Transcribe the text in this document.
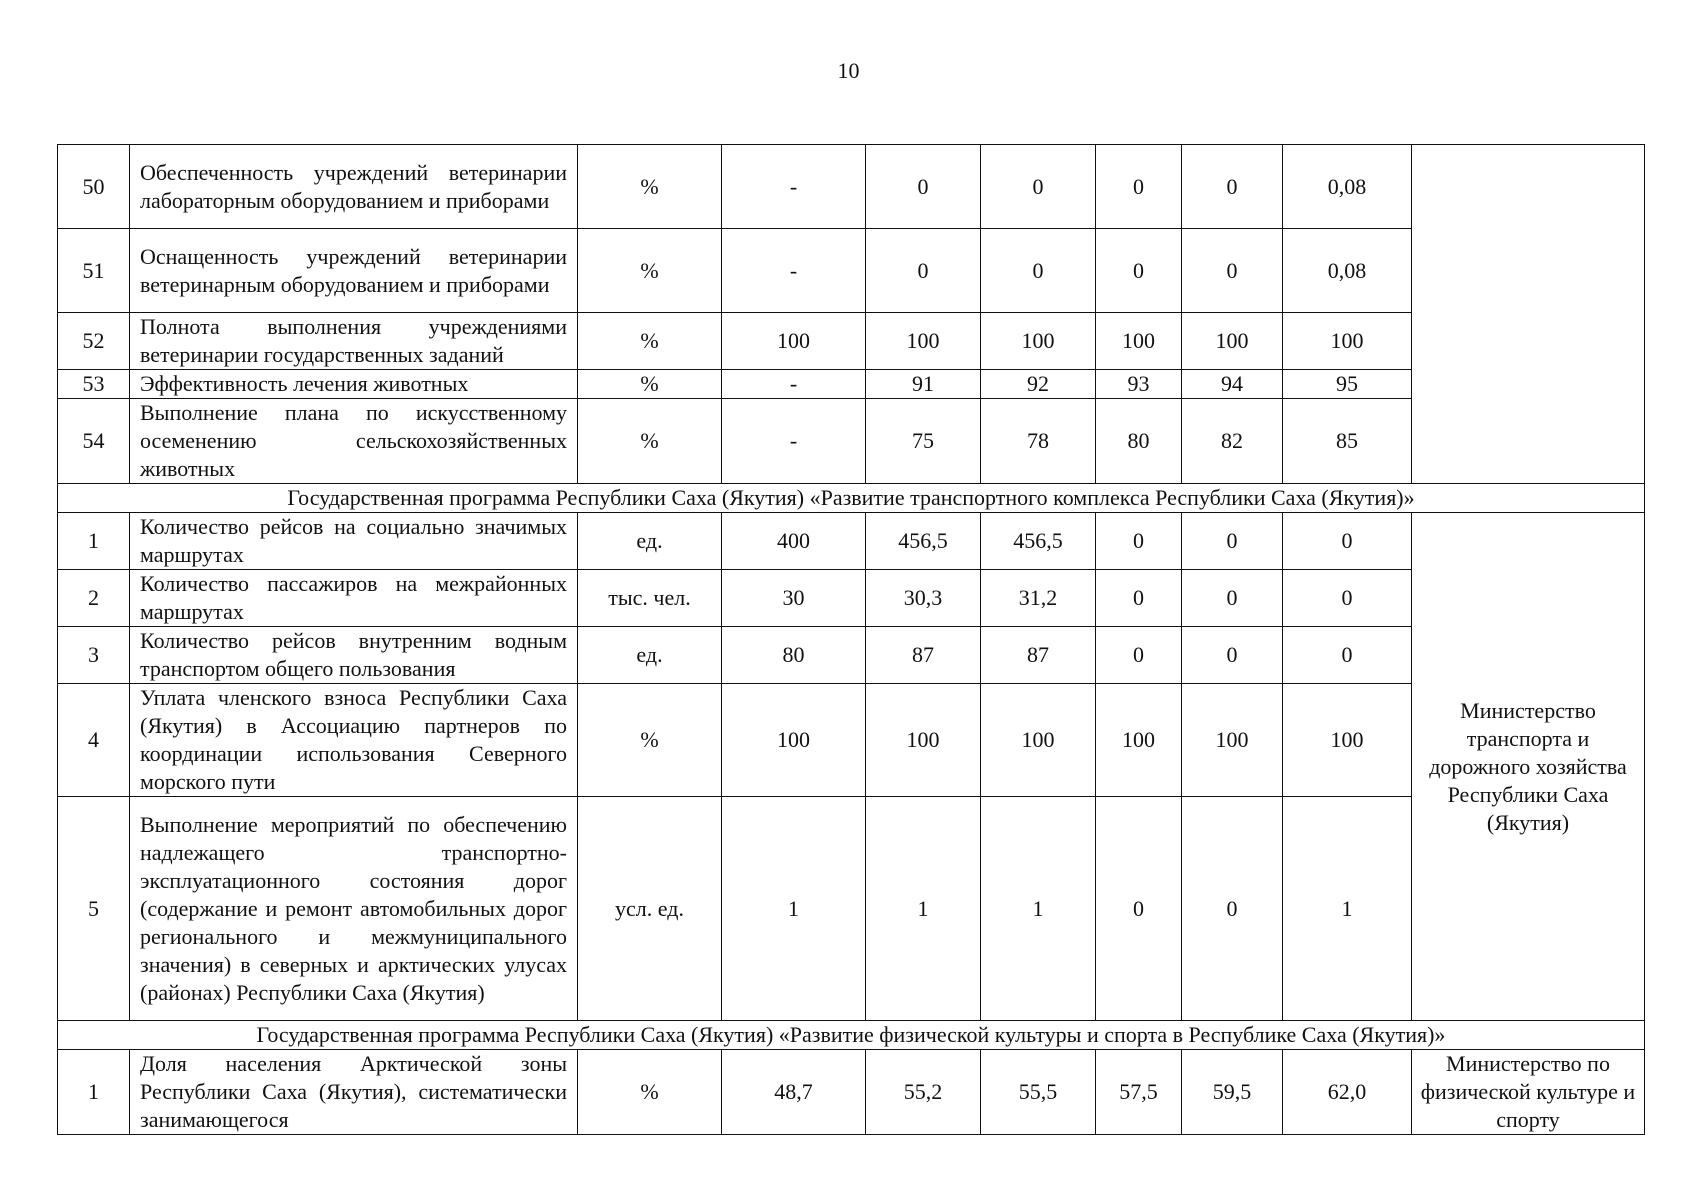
10
50	Обеспеченность учреждений ветеринарии лабораторным оборудованием и приборами	%	-	0	0	0	0	0,08	
51	Оснащенность учреждений ветеринарии ветеринарным оборудованием и приборами	%	-	0	0	0	0	0,08	
52	Полнота выполнения учреждениями ветеринарии государственных заданий	%	100	100	100	100	100	100	
53	Эффективность лечения животных	%	-	91	92	93	94	95	
54	Выполнение плана по искусственному осеменению сельскохозяйственных животных	%	-	75	78	80	82	85	
Государственная программа Республики Саха (Якутия) «Развитие транспортного комплекса Республики Саха (Якутия)»									
1	Количество рейсов на социально значимых маршрутах	ед.	400	456,5	456,5	0	0	0	Министерство транспорта и дорожного хозяйства Республики Саха (Якутия)
2	Количество пассажиров на межрайонных маршрутах	тыс. чел.	30	30,3	31,2	0	0	0	
3	Количество рейсов внутренним водным транспортом общего пользования	ед.	80	87	87	0	0	0	
4	Уплата членского взноса Республики Саха (Якутия) в Ассоциацию партнеров по координации использования Северного морского пути	%	100	100	100	100	100	100	
5	Выполнение мероприятий по обеспечению надлежащего транспортно-эксплуатационного состояния дорог (содержание и ремонт автомобильных дорог регионального и межмуниципального значения) в северных и арктических улусах (районах) Республики Саха (Якутия)	усл. ед.	1	1	1	0	0	1	
Государственная программа Республики Саха (Якутия) «Развитие физической культуры и спорта в Республике Саха (Якутия)»									
1	Доля населения Арктической зоны Республики Саха (Якутия), систематически занимающегося	%	48,7	55,2	55,5	57,5	59,5	62,0	Министерство по физической культуре и спорту
